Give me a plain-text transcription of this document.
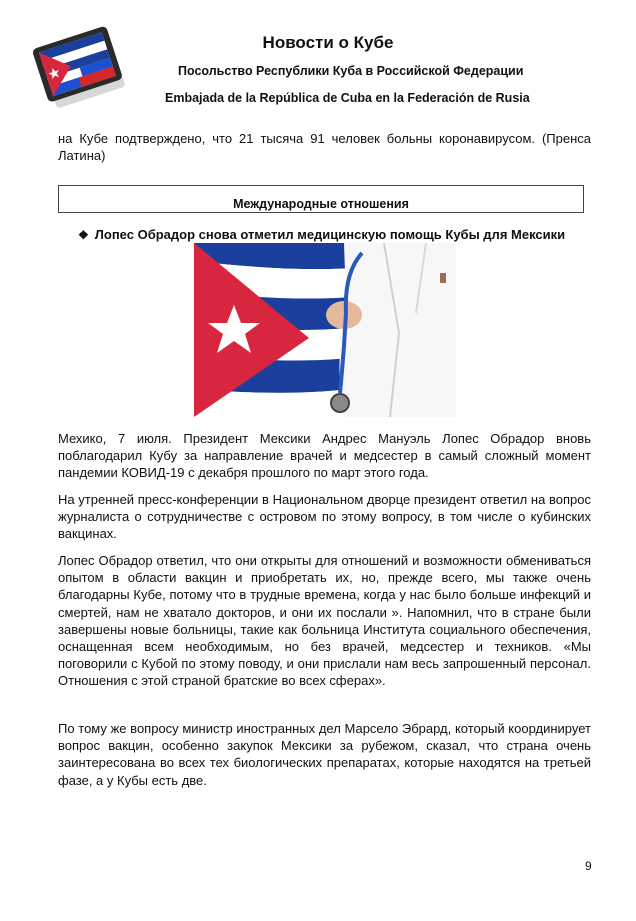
Новости о Кубе
Посольство Республики Куба в Российской Федерации
Embajada de la República de Cuba en la Federación de Rusia
на Кубе подтверждено, что 21 тысяча 91 человек больны коронавирусом. (Пренса Латина)
Международные отношения
❖ Лопес Обрадор снова отметил медицинскую помощь Кубы для Мексики
Мехико, 7 июля. Президент Мексики Андрес Мануэль Лопес Обрадор вновь поблагодарил Кубу за направление врачей и медсестер в самый сложный момент пандемии КОВИД-19 с декабря прошлого по март этого года.
На утренней пресс-конференции в Национальном дворце президент ответил на вопрос журналиста о сотрудничестве с островом по этому вопросу, в том числе о кубинских вакцинах.
Лопес Обрадор ответил, что они открыты для отношений и возможности обмениваться опытом в области вакцин и приобретать их, но, прежде всего, мы также очень благодарны Кубе, потому что в трудные времена, когда у нас было больше инфекций и смертей, нам не хватало докторов, и они их послали ». Напомнил, что в стране были завершены новые больницы, такие как больница Института социального обеспечения, оснащенная всем необходимым, но без врачей, медсестер и техников. «Мы поговорили с Кубой по этому поводу, и они прислали нам весь запрошенный персонал. Отношения с этой страной братские во всех сферах».
По тому же вопросу министр иностранных дел Марсело Эбрард, который координирует вопрос вакцин, особенно закупок Мексики за рубежом, сказал, что страна очень заинтересована во всех тех биологических препаратах, которые находятся на третьей фазе, а у Кубы есть две.
9
